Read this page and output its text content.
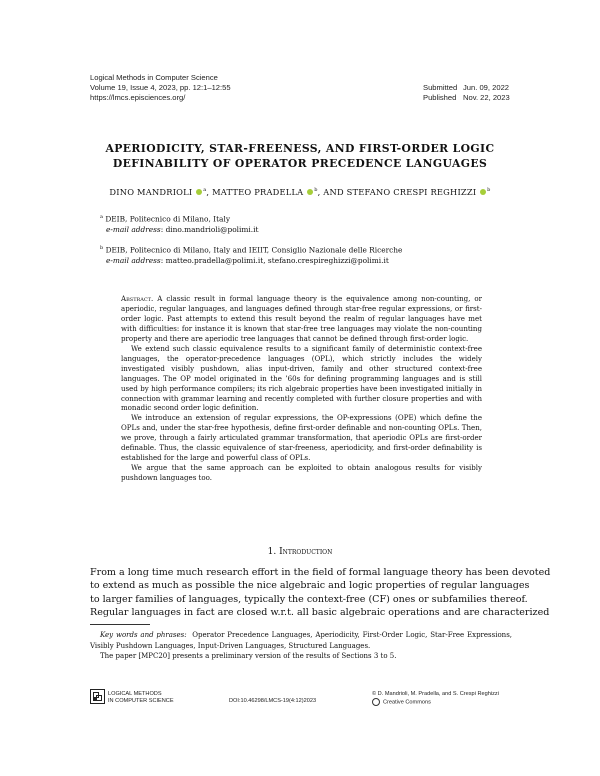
Logical Methods in Computer Science
Volume 19, Issue 4, 2023, pp. 12:1–12:55
https://lmcs.episciences.org/
Submitted Jun. 09, 2022
Published Nov. 22, 2023
APERIODICITY, STAR-FREENESS, AND FIRST-ORDER LOGIC
DEFINABILITY OF OPERATOR PRECEDENCE LANGUAGES
DINO MANDRIOLI $^a$, MATTEO PRADELLA $^b$, AND STEFANO CRESPI REGHIZZI $^b$
$^a$ DEIB, Politecnico di Milano, Italy
e-mail address: dino.mandrioli@polimi.it
$^b$ DEIB, Politecnico di Milano, Italy and IEIIT, Consiglio Nazionale delle Ricerche
e-mail address: matteo.pradella@polimi.it, stefano.crespireghizzi@polimi.it

Abstract. A classic result in formal language theory is the equivalence among non-counting, or aperiodic, regular languages, and languages defined through star-free regular expressions, or first-order logic. Past attempts to extend this result beyond the realm of regular languages have met with difficulties: for instance it is known that star-free tree languages may violate the non-counting property and there are aperiodic tree languages that cannot be defined through first-order logic.

We extend such classic equivalence results to a significant family of deterministic context-free languages, the operator-precedence languages (OPL), which strictly includes the widely investigated visibly pushdown, alias input-driven, family and other structured context-free languages. The OP model originated in the ’60s for defining programming languages and is still used by high performance compilers; its rich algebraic properties have been investigated initially in connection with grammar learning and recently completed with further closure properties and with monadic second order logic definition.

We introduce an extension of regular expressions, the OP-expressions (OPE) which define the OPLs and, under the star-free hypothesis, define first-order definable and non-counting OPLs. Then, we prove, through a fairly articulated grammar transformation, that aperiodic OPLs are first-order definable. Thus, the classic equivalence of star-freeness, aperiodicity, and first-order definability is established for the large and powerful class of OPLs.

We argue that the same approach can be exploited to obtain analogous results for visibly pushdown languages too.

1. Introduction
From a long time much research effort in the field of formal language theory has been devoted
to extend as much as possible the nice algebraic and logic properties of regular languages
to larger families of languages, typically the context-free (CF) ones or subfamilies thereof.
Regular languages in fact are closed w.r.t. all basic algebraic operations and are characterized

Key words and phrases: Operator Precedence Languages, Aperiodicity, First-Order Logic, Star-Free Expressions, Visibly Pushdown Languages, Input-Driven Languages, Structured Languages.

The paper [MPC20] presents a preliminary version of the results of Sections 3 to 5.

LOGICAL METHODS
IN COMPUTER SCIENCE	DOI:10.46298/LMCS-19(4:12)2023
© D. Mandrioli, M. Pradella, and S. Crespi Reghizzi
Creative Commons
